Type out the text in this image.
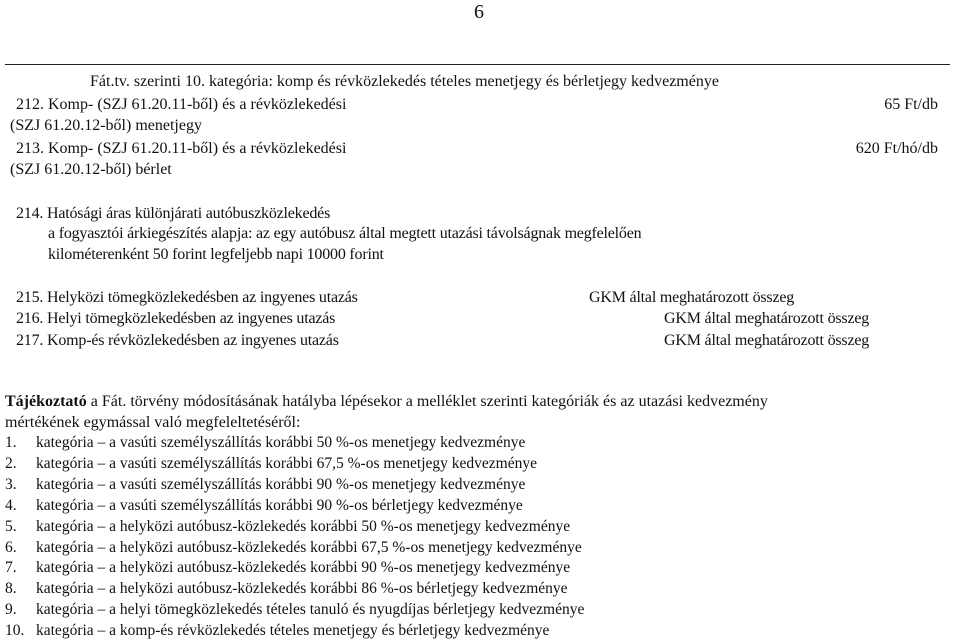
6
Fát.tv. szerinti 10. kategória: komp és révközlekedés tételes menetjegy és bérletjegy kedvezménye
212. Komp- (SZJ 61.20.11-ből) és a révközlekedési
(SZJ 61.20.12-ből) menetjegy
65 Ft/db
213. Komp- (SZJ 61.20.11-ből) és a révközlekedési
(SZJ 61.20.12-ből) bérlet
620 Ft/hó/db
214. Hatósági áras különjárati autóbuszközlekedés
a fogyasztói árkiegészítés alapja: az egy autóbusz által megtett utazási távolságnak megfelelően
kilométerenként 50 forint legfeljebb napi 10000 forint
215. Helyközi tömegközlekedésben az ingyenes utazás	GKM által meghatározott összeg
216. Helyi tömegközlekedésben az ingyenes utazás	GKM által meghatározott összeg
217. Komp-és révközlekedésben az ingyenes utazás	GKM által meghatározott összeg
Tájékoztató a Fát. törvény módosításának hatályba lépésekor a melléklet szerinti kategóriák és az utazási kedvezmény
mértékének egymással való megfeleltetéséről:
1. kategória – a vasúti személyszállítás korábbi 50 %-os menetjegy kedvezménye
2. kategória – a vasúti személyszállítás korábbi 67,5 %-os menetjegy kedvezménye
3. kategória – a vasúti személyszállítás korábbi 90 %-os menetjegy kedvezménye
4. kategória – a vasúti személyszállítás korábbi 90 %-os bérletjegy kedvezménye
5. kategória – a helyközi autóbusz-közlekedés korábbi 50 %-os menetjegy kedvezménye
6. kategória – a helyközi autóbusz-közlekedés korábbi 67,5 %-os menetjegy kedvezménye
7. kategória – a helyközi autóbusz-közlekedés korábbi 90 %-os menetjegy kedvezménye
8. kategória – a helyközi autóbusz-közlekedés korábbi 86 %-os bérletjegy kedvezménye
9. kategória – a helyi tömegközlekedés tételes tanuló és nyugdíjas bérletjegy kedvezménye
10. kategória – a komp-és révközlekedés tételes menetjegy és bérletjegy kedvezménye
